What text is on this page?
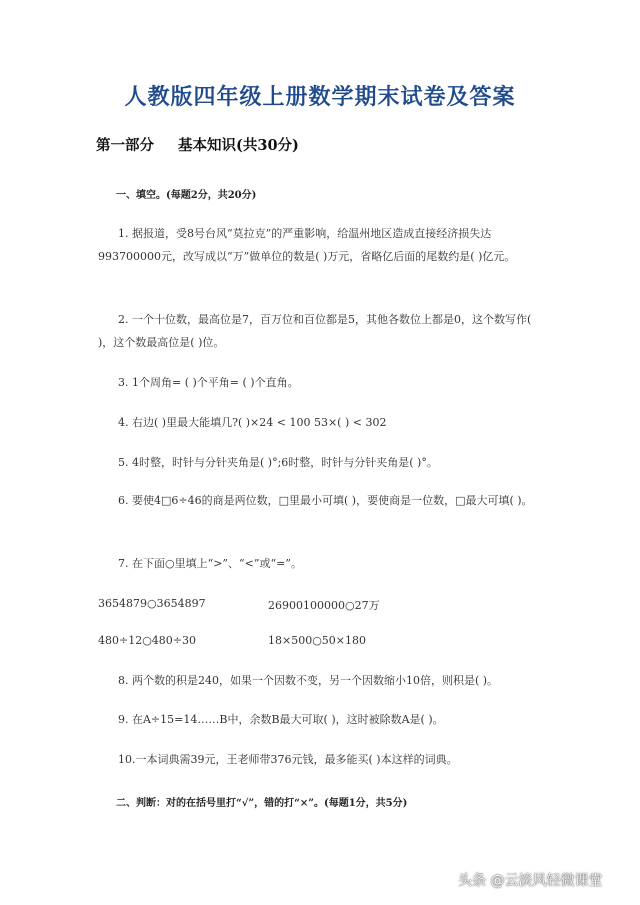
人教版四年级上册数学期末试卷及答案
第一部分 基本知识(共30分)
一、填空。(每题2分，共20分)
1. 据报道，受8号台风“莫拉克”的严重影响，给温州地区造成直接经济损失达993700000元，改写成以“万”做单位的数是( )万元，省略亿后面的尾数约是( )亿元。
2. 一个十位数，最高位是7，百万位和百位都是5，其他各数位上都是0，这个数写作( )，这个数最高位是( )位。
3. 1个周角= ( )个平角= ( )个直角。
4. 右边( )里最大能填几?( )×24 < 100 53×( ) < 302
5. 4时整，时针与分针夹角是( )°;6时整，时针与分针夹角是( )°。
6. 要使4□6÷46的商是两位数，□里最小可填( )，要使商是一位数，□最大可填( )。
7. 在下面○里填上“>”、“<”或“=”。
3654879○3654897	26900100000○27万
480÷12○480÷30	18×500○50×180
8. 两个数的积是240，如果一个因数不变，另一个因数缩小10倍，则积是( )。
9. 在A÷15=14……B中，余数B最大可取( )，这时被除数A是( )。
10.一本词典需39元，王老师带376元钱，最多能买( )本这样的词典。
二、判断：对的在括号里打“√”，错的打“×”。(每题1分，共5分)
头条 @云淡风轻微课堂
